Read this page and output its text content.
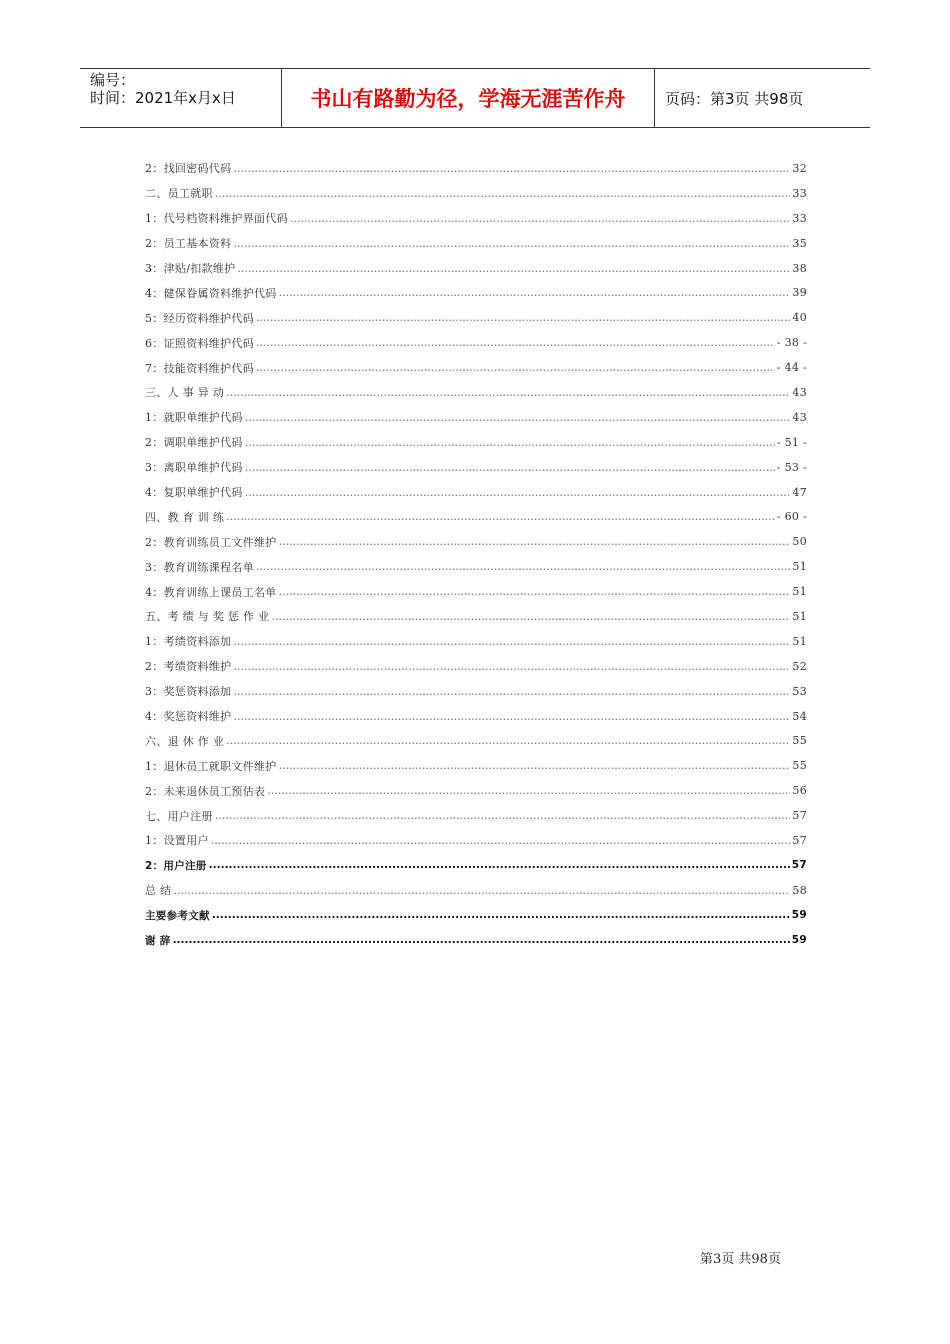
编号：
时间：2021年x月x日	书山有路勤为径，学海无涯苦作舟	页码：第3页 共98页
2：找回密码代码 .....	32
二、员工就职 .....	33
1：代号档资料维护界面代码 .....	33
2：员工基本资料 .....	35
3：津贴/扣款维护 .....	38
4：健保眷属资料维护代码 .....	39
5：经历资料维护代码 .....	40
6：证照资料维护代码 .....	- 38 -
7：技能资料维护代码 .....	- 44 -
三、人 事 异 动 .....	43
1：就职单维护代码 .....	43
2：调职单维护代码 .....	- 51 -
3：离职单维护代码 .....	- 53 -
4：复职单维护代码 .....	47
四、教 育 训 练 .....	- 60 -
2：教育训练员工文件维护 .....	50
3：教育训练课程名单 .....	51
4：教育训练上课员工名单 .....	51
五、考 绩 与 奖 惩 作 业 .....	51
1：考绩资料添加 .....	51
2：考绩资料维护 .....	52
3：奖惩资料添加 .....	53
4：奖惩资料维护 .....	54
六、退 休 作 业 .....	55
1：退休员工就职文件维护 .....	55
2：未来退休员工预估表 .....	56
七、用户注册 .....	57
1：设置用户 .....	57
2：用户注册 .....	57
总 结 .....	58
主要参考文献 .....	59
谢 辞 .....	59
第3页 共98页
